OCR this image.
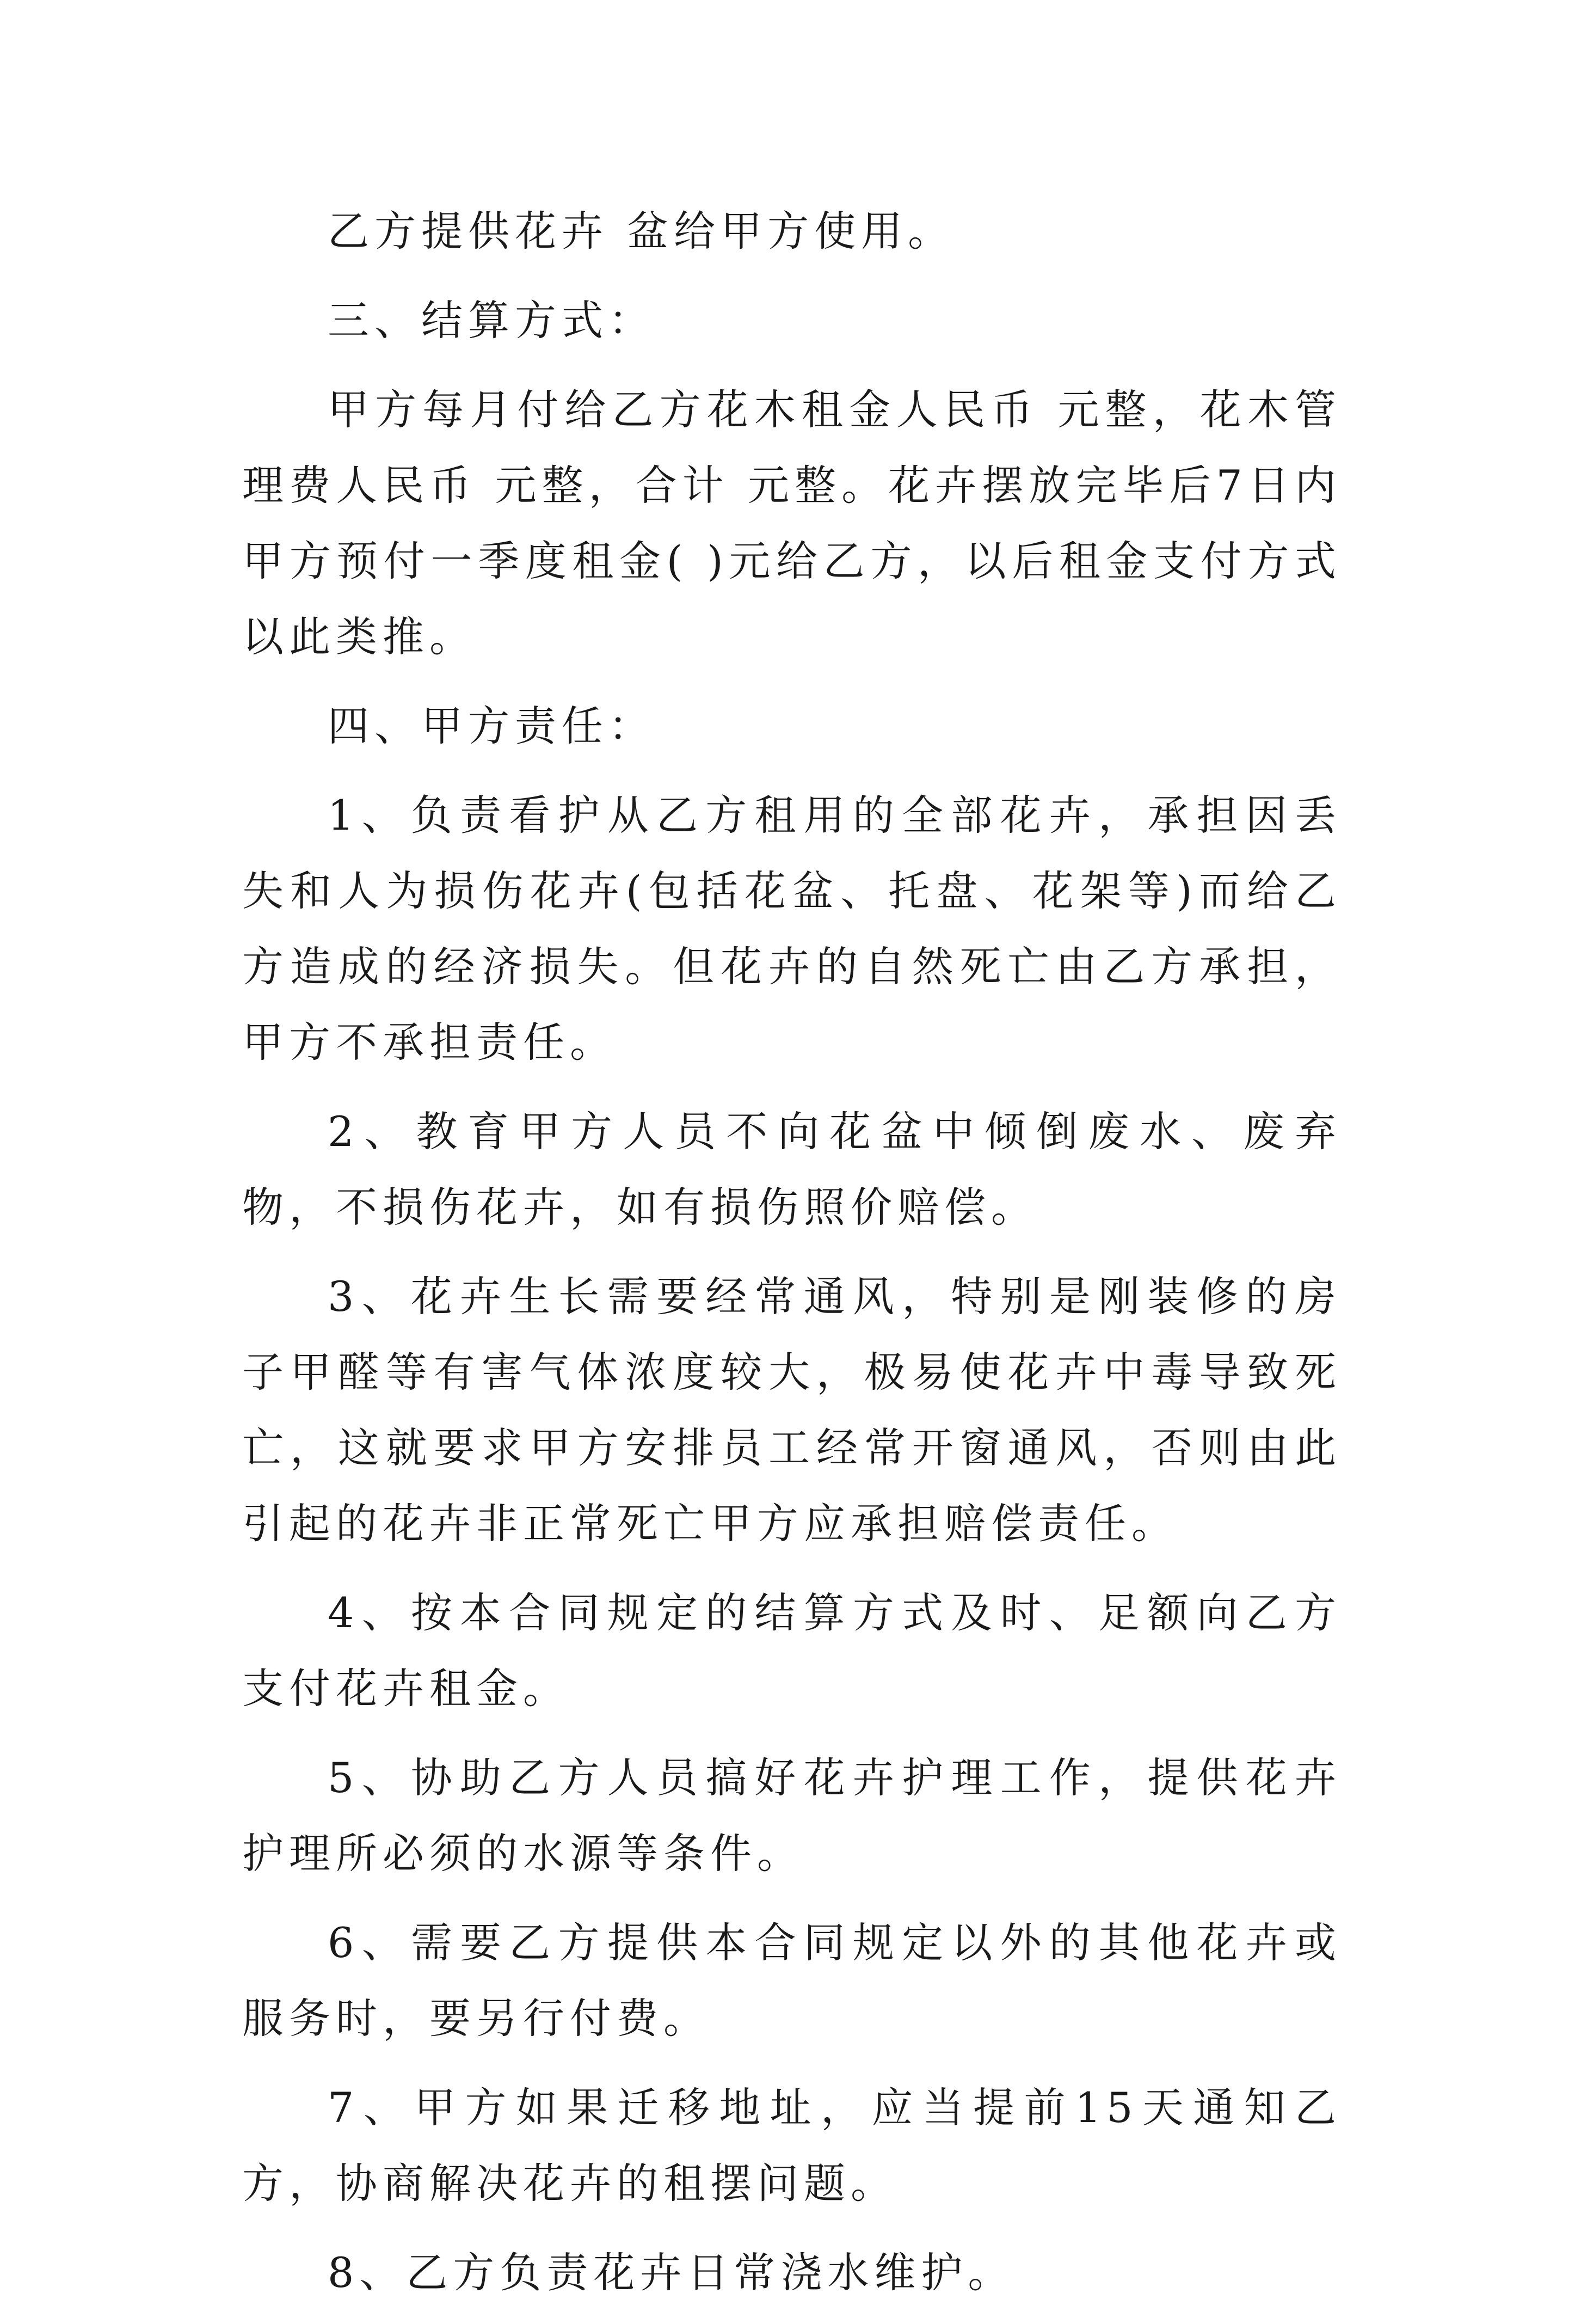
乙方提供花卉 盆给甲方使用。

三、结算方式：

甲方每月付给乙方花木租金人民币 元整，花木管理费人民币 元整，合计 元整。花卉摆放完毕后7日内甲方预付一季度租金( )元给乙方，以后租金支付方式以此类推。

四、甲方责任：

1、负责看护从乙方租用的全部花卉，承担因丢失和人为损伤花卉(包括花盆、托盘、花架等)而给乙方造成的经济损失。但花卉的自然死亡由乙方承担，甲方不承担责任。

2、教育甲方人员不向花盆中倾倒废水、废弃物，不损伤花卉，如有损伤照价赔偿。

3、花卉生长需要经常通风，特别是刚装修的房子甲醛等有害气体浓度较大，极易使花卉中毒导致死亡，这就要求甲方安排员工经常开窗通风，否则由此引起的花卉非正常死亡甲方应承担赔偿责任。

4、按本合同规定的结算方式及时、足额向乙方支付花卉租金。

5、协助乙方人员搞好花卉护理工作，提供花卉护理所必须的水源等条件。

6、需要乙方提供本合同规定以外的其他花卉或服务时，要另行付费。

7、甲方如果迁移地址，应当提前15天通知乙方，协商解决花卉的租摆问题。

8、乙方负责花卉日常浇水维护。
